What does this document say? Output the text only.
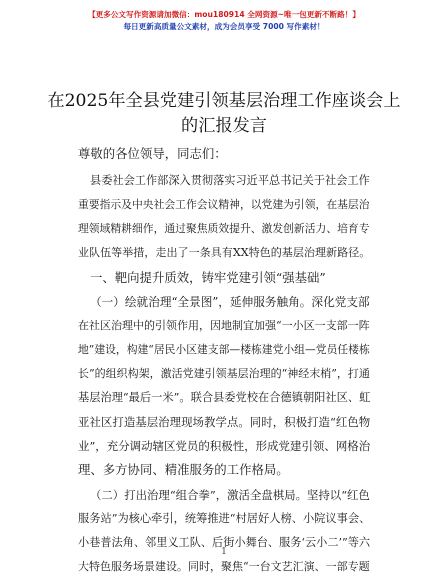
【更多公文写作资源请加微信：mou180914 全网资源~唯一包更新不断路！】
每日更新高质量公文素材，成为会员享受 7000 写作素材！
在2025年全县党建引领基层治理工作座谈会上
的汇报发言
尊敬的各位领导，同志们：
县委社会工作部深入贯彻落实习近平总书记关于社会工作
重要指示及中央社会工作会议精神，以党建为引领，在基层治
理领域精耕细作，通过聚焦质效提升、激发创新活力、培育专
业队伍等举措，走出了一条具有XX特色的基层治理新路径。
一、靶向提升质效，铸牢党建引领“强基础”
（一）绘就治理“全景图”，延伸服务触角。深化党支部
在社区治理中的引领作用，因地制宜加强“一小区一支部一阵
地”建设，构建“居民小区建支部—楼栋建党小组—党员任楼栋
长”的组织构架，激活党建引领基层治理的“神经末梢”，打通
基层治理“最后一米”。联合县委党校在合德镇朝阳社区、虹
亚社区打造基层治理现场教学点。同时，积极打造“红色物
业”，充分调动辖区党员的积极性，形成党建引领、网格治
理、多方协同、精准服务的工作格局。
（二）打出治理“组合拳”，激活全盘棋局。坚持以“红色
服务站”为核心牵引，统筹推进“村居好人榜、小院议事会、
小巷普法角、邻里义工队、后街小舞台、服务‘云小二’”等六
大特色服务场景建设。同时，聚焦“一台文艺汇演、一部专题
1
